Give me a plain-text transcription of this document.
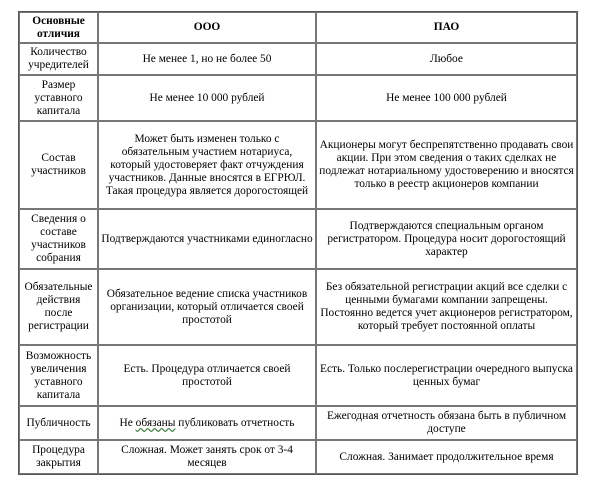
Основные отличия	ООО	ПАО
Количество учредителей	Не менее 1, но не более 50	Любое
Размер уставного капитала	Не менее 10 000 рублей	Не менее 100 000 рублей
Состав участников	Может быть изменен только с обязательным участием нотариуса, который удостоверяет факт отчуждения участников. Данные вносятся в ЕГРЮЛ. Такая процедура является дорогостоящей	Акционеры могут беспрепятственно продавать свои акции. При этом сведения о таких сделках не подлежат нотариальному удостоверению и вносятся только в реестр акционеров компании
Сведения о составе участников собрания	Подтверждаются участниками единогласно	Подтверждаются специальным органом регистратором. Процедура носит дорогостоящий характер
Обязательные действия после регистрации	Обязательное ведение списка участников организации, который отличается своей простотой	Без обязательной регистрации акций все сделки с ценными бумагами компании запрещены. Постоянно ведется учет акционеров регистратором, который требует постоянной оплаты
Возможность увеличения уставного капитала	Есть. Процедура отличается своей простотой	Есть. Только послерегистрации очередного выпуска ценных бумаг
Публичность	Не обязаны публиковать отчетность	Ежегодная отчетность обязана быть в публичном доступе
Процедура закрытия	Сложная. Может занять срок от 3-4 месяцев	Сложная. Занимает продолжительное время
